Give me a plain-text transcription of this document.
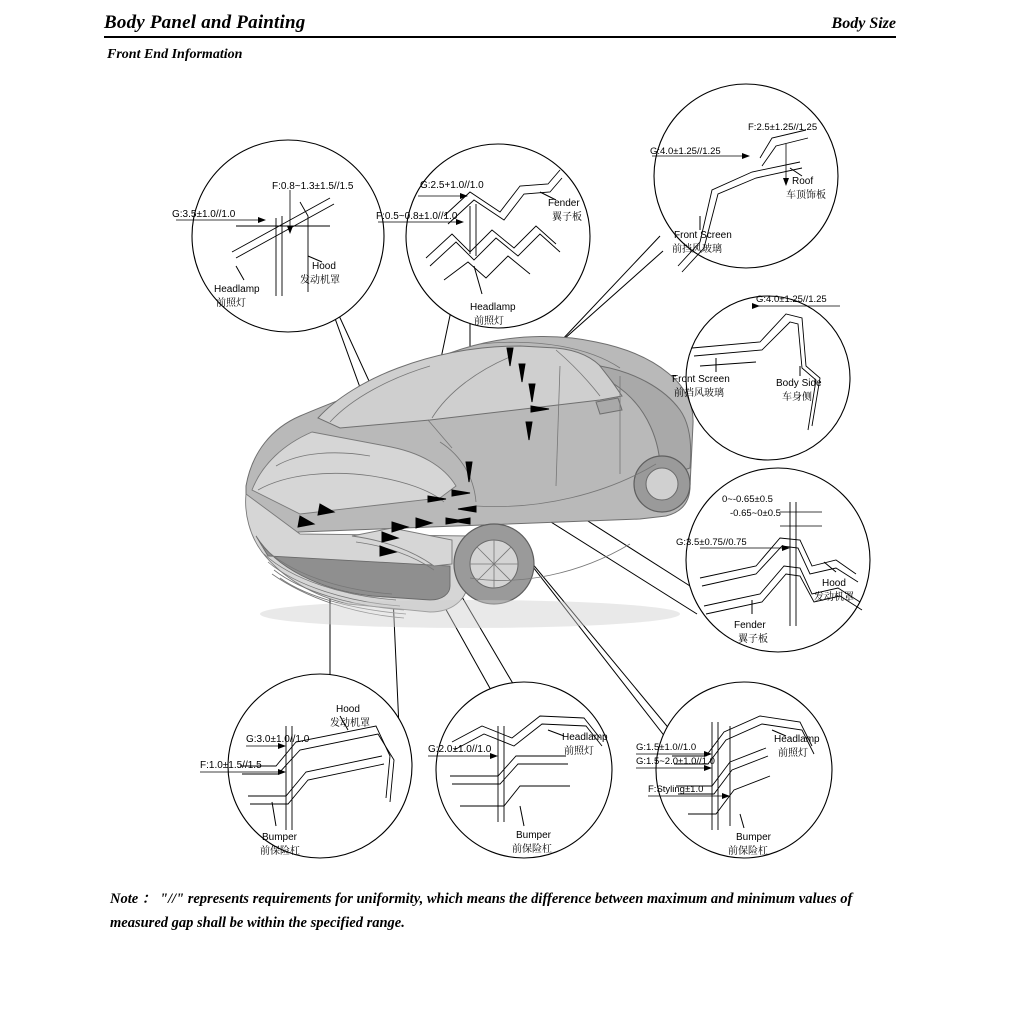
Body Panel and Painting	Body Size
Front End Information
G:3.5±1.0//1.0
F:0.8~1.3±1.5//1.5
Headlamp
前照灯
Hood
发动机罩
G:2.5+1.0//1.0
F:0.5~0.8±1.0//1.0
Fender
翼子板
Headlamp
前照灯
G:4.0±1.25//1.25
F:2.5±1.25//1.25
Front Screen
前挡风玻璃
Roof
车顶饰板
G:4.0±1.25//1.25
Front Screen
前挡风玻璃
Body Side
车身侧
0~-0.65±0.5
-0.65~0±0.5
G:3.5±0.75//0.75
Hood
发动机罩
Fender
翼子板
G:3.0±1.0//1.0
F:1.0±1.5//1.5
Hood
发动机罩
Bumper
前保险杠
G:2.0±1.0//1.0
Headlamp
前照灯
Bumper
前保险杠
G:1.5±1.0//1.0
G:1.5~2.0±1.0//1.0
F:Styling±1.0
Headlamp
前照灯
Bumper
前保险杠
Note ： "//" represents requirements for uniformity, which means the difference between maximum and minimum values of measured gap shall be within the specified range.
